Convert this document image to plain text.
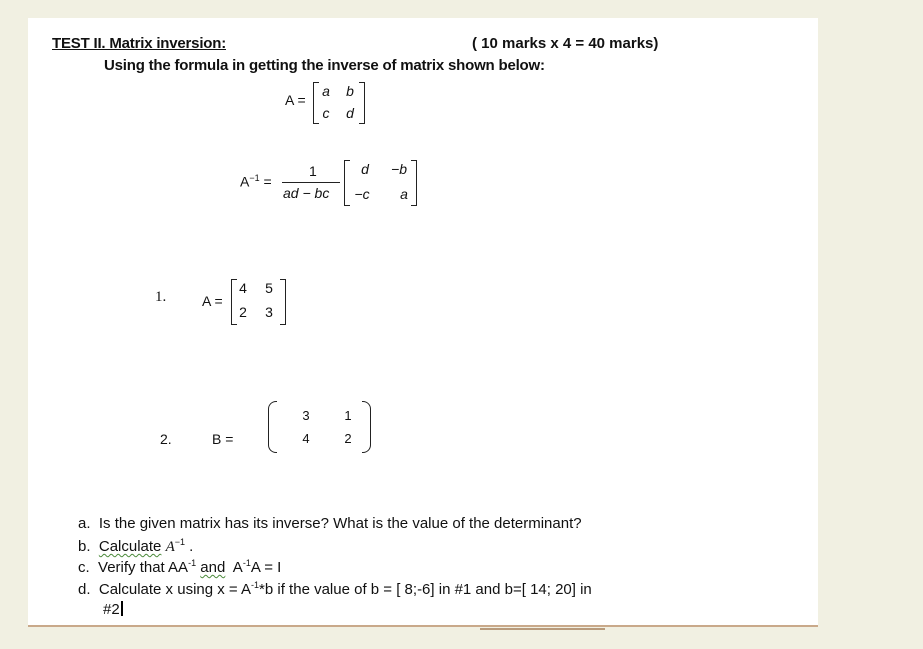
TEST II. Matrix inversion:	( 10 marks x 4 = 40 marks)
Using the formula in getting the inverse of matrix shown below:
A =
a b
c	d
$A^{-1}$ =
1
ad − bc
d −b
−c	a
1.	A =
4 5
2 3
2.	B =
3	1
4	2
a. Is the given matrix has its inverse? What is the value of the determinant?
b. Calculate $A^{-1}$ .
c. Verify that $AA^{-1}$ and  $A^{-1}A = I$
d. Calculate x using $x = A^{-1}*b$ if the value of b = [ 8;-6] in #1 and b=[ 14; 20] in
#2
